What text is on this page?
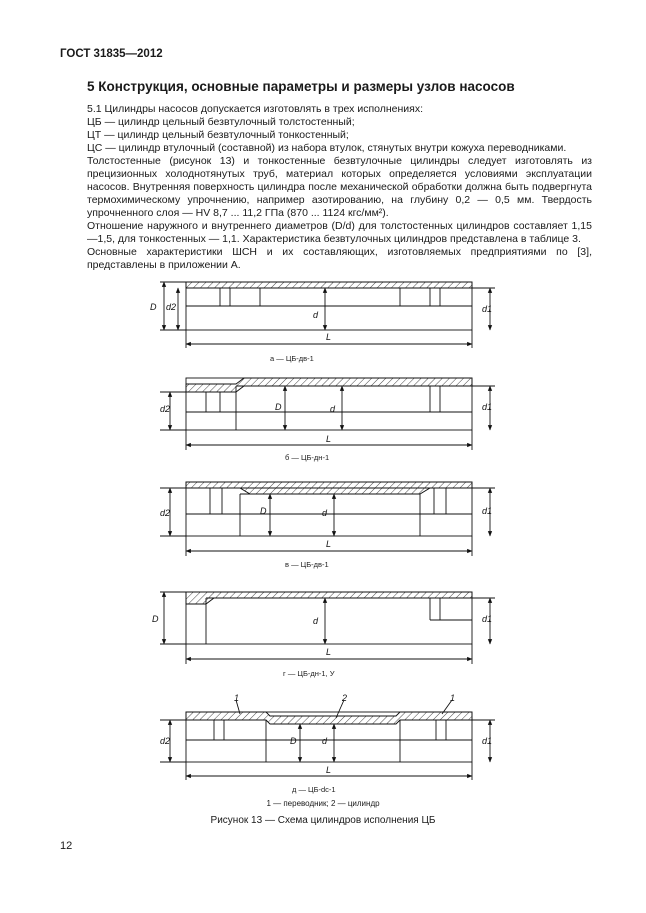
ГОСТ 31835—2012
5 Конструкция, основные параметры и размеры узлов насосов

5.1 Цилиндры насосов допускается изготовлять в трех исполнениях:

ЦБ — цилиндр цельный безвтулочный толстостенный;

ЦТ — цилиндр цельный безвтулочный тонкостенный;

ЦС — цилиндр втулочный (составной) из набора втулок, стянутых внутри кожуха переводниками.

Толстостенные (рисунок 13) и тонкостенные безвтулочные цилиндры следует изготовлять из прецизионных холоднотянутых труб, материал которых определяется условиями эксплуатации насосов. Внутренняя поверхность цилиндра после механической обработки должна быть подвергнута термохимическому упрочнению, например азотированию, на глубину 0,2 — 0,5 мм. Твердость упрочненного слоя — HV 8,7 ... 11,2 ГПа (870 ... 1124 кгс/мм²).

Отношение наружного и внутреннего диаметров (D/d) для толстостенных цилиндров составляет 1,15—1,5, для тонкостенных — 1,1. Характеристика безвтулочных цилиндров представлена в таблице 3.

Основные характеристики ШСН и их составляющих, изготовляемых предприятиями по [3], представлены в приложении А.

D d2
d
d1
L
а — ЦБ-дв-1
d2	D	d	d1
L
б — ЦБ-дн-1
d2	D	d	d1
L
в — ЦБ-дв-1
D	d	d1
L
г — ЦБ-дн-1, У
1	2	1
d2	D	d	d1
L
д — ЦБ-dc-1
1 — переводник; 2 — цилиндр
Рисунок 13 — Схема цилиндров исполнения ЦБ
12
